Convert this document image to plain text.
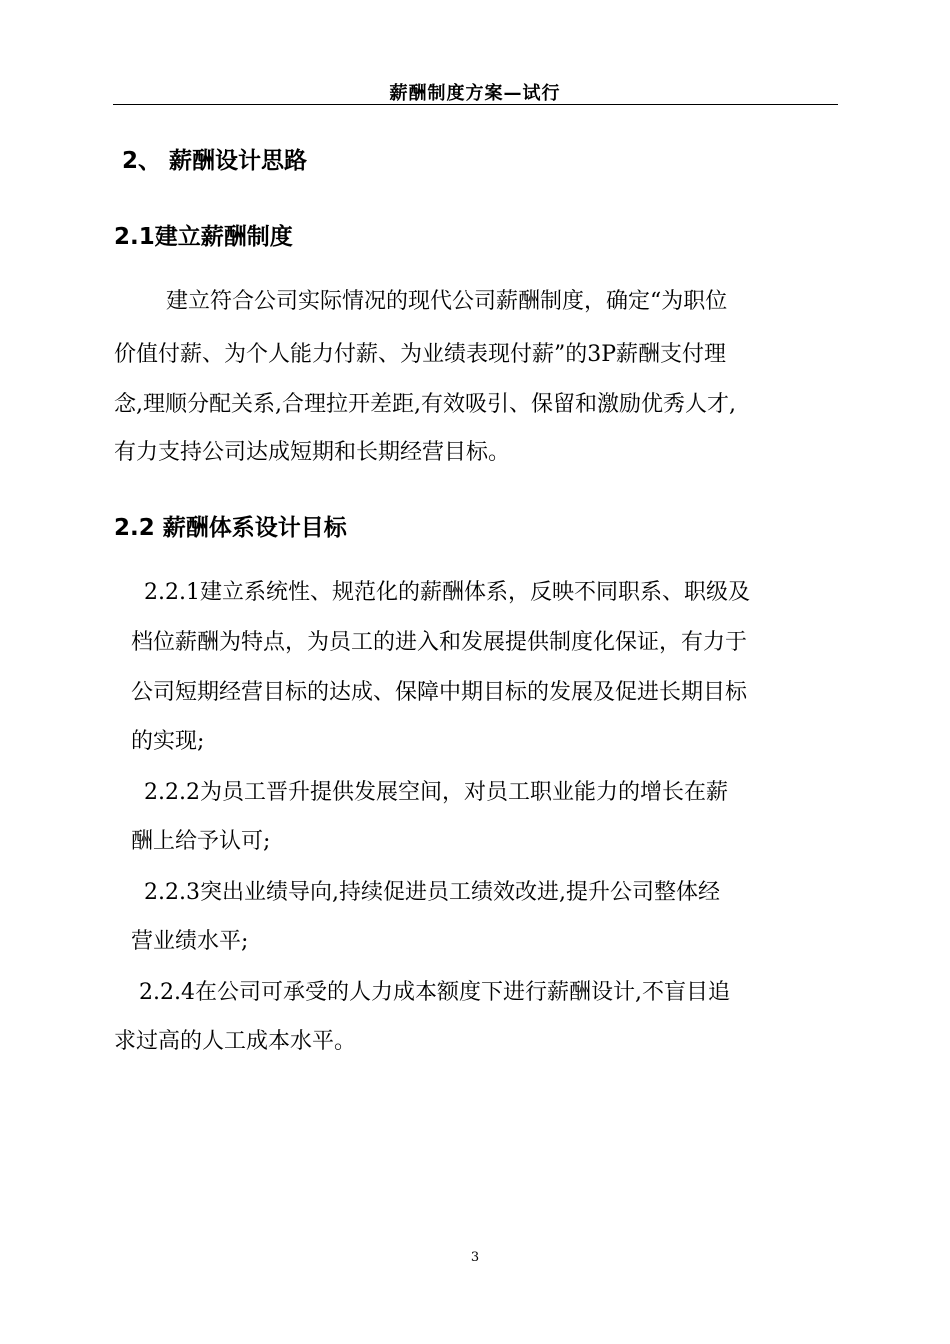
薪酬制度方案—试行
2、 薪酬设计思路
2.1建立薪酬制度
建立符合公司实际情况的现代公司薪酬制度，确定“为职位
价值付薪、为个人能力付薪、为业绩表现付薪”的3P薪酬支付理
念,理顺分配关系,合理拉开差距,有效吸引、保留和激励优秀人才,
有力支持公司达成短期和长期经营目标。
2.2 薪酬体系设计目标
2.2.1建立系统性、规范化的薪酬体系，反映不同职系、职级及
档位薪酬为特点，为员工的进入和发展提供制度化保证，有力于
公司短期经营目标的达成、保障中期目标的发展及促进长期目标
的实现;
2.2.2为员工晋升提供发展空间，对员工职业能力的增长在薪
酬上给予认可;
2.2.3突出业绩导向,持续促进员工绩效改进,提升公司整体经
营业绩水平;
2.2.4在公司可承受的人力成本额度下进行薪酬设计,不盲目追
求过高的人工成本水平。
3
